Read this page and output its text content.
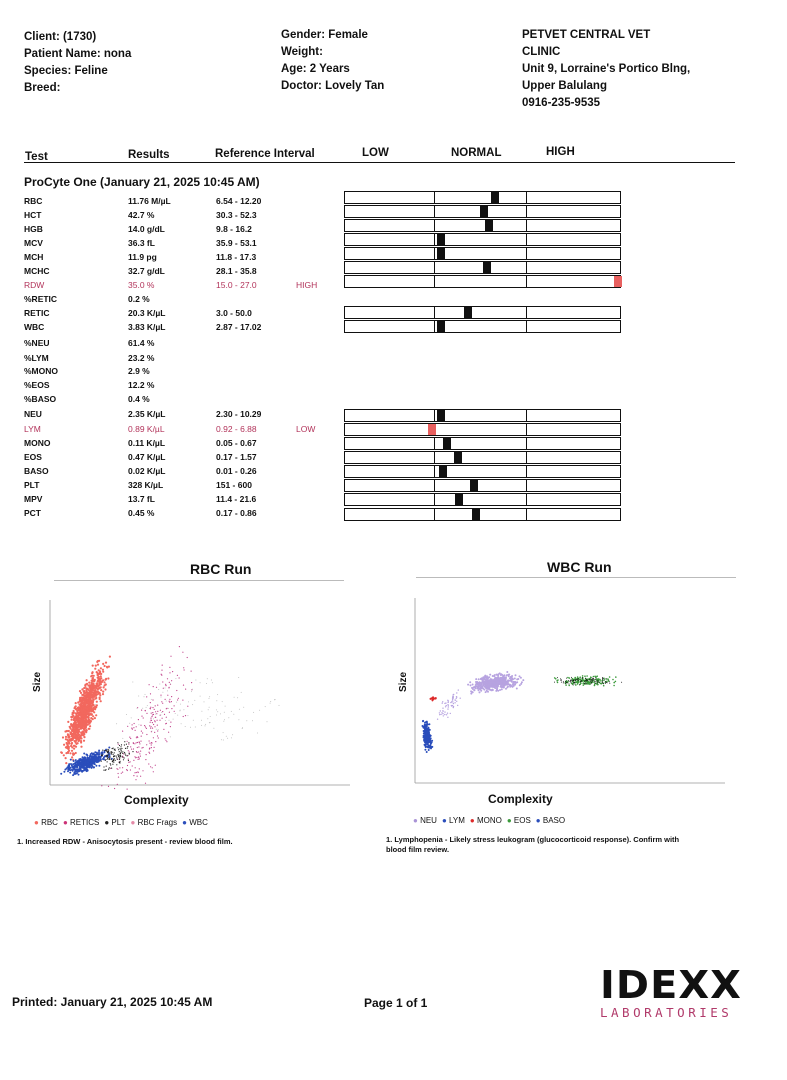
Client: (1730)
Patient Name: nona
Species: Feline
Breed:
Gender: Female
Weight:
Age: 2 Years
Doctor: Lovely Tan
PETVET CENTRAL VET
CLINIC
Unit 9, Lorraine's Portico Blng,
Upper Balulang
0916-235-9535
Test	Results	Reference Interval	LOW	NORMAL	HIGH
ProCyte One (January 21, 2025 10:45 AM)
RBC	11.76 M/µL	6.54 - 12.20
HCT	42.7 %	30.3 - 52.3
HGB	14.0 g/dL	9.8 - 16.2
MCV	36.3 fL	35.9 - 53.1
MCH	11.9 pg	11.8 - 17.3
MCHC	32.7 g/dL	28.1 - 35.8
RDW	35.0 %	15.0 - 27.0	HIGH
%RETIC	0.2 %
RETIC	20.3 K/µL	3.0 - 50.0
WBC	3.83 K/µL	2.87 - 17.02
%NEU	61.4 %
%LYM	23.2 %
%MONO	2.9 %
%EOS	12.2 %
%BASO	0.4 %
NEU	2.35 K/µL	2.30 - 10.29
LYM	0.89 K/µL	0.92 - 6.88	LOW
MONO	0.11 K/µL	0.05 - 0.67
EOS	0.47 K/µL	0.17 - 1.57
BASO	0.02 K/µL	0.01 - 0.26
PLT	328 K/µL	151 - 600
MPV	13.7 fL	11.4 - 21.6
PCT	0.45 %	0.17 - 0.86
RBC Run
Size
Complexity
● RBC ● RETICS ● PLT ● RBC Frags ● WBC
1. Increased RDW - Anisocytosis present - review blood film.
WBC Run
Size
Complexity
● NEU ● LYM ● MONO ● EOS ● BASO
1. Lymphopenia - Likely stress leukogram (glucocorticoid response). Confirm with
blood film review.
Printed: January 21, 2025 10:45 AM	Page 1 of 1	IDEXX
LABORATORIES
